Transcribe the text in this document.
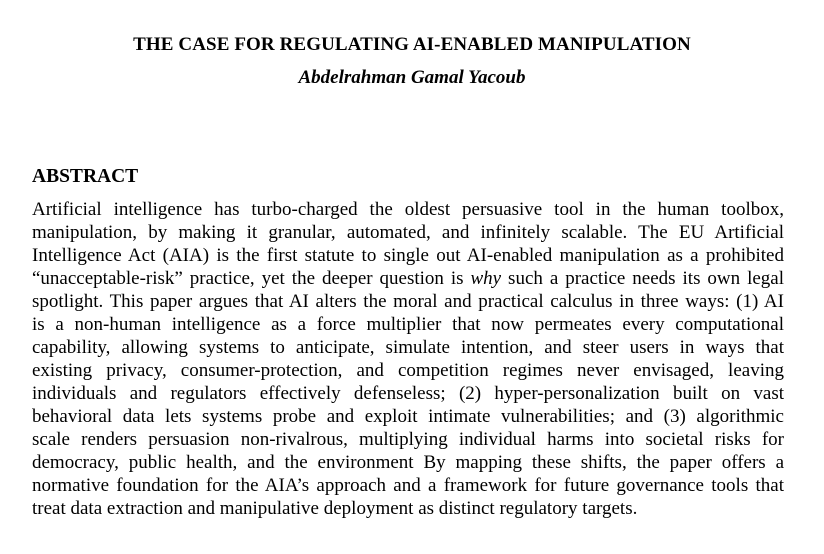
THE CASE FOR REGULATING AI-ENABLED MANIPULATION

Abdelrahman Gamal Yacoub

ABSTRACT
Artificial intelligence has turbo-charged the oldest persuasive tool in the human toolbox,
manipulation, by making it granular, automated, and infinitely scalable. The EU Artificial
Intelligence Act (AIA) is the first statute to single out AI-enabled manipulation as a prohibited
“unacceptable-risk” practice, yet the deeper question is why such a practice needs its own legal
spotlight. This paper argues that AI alters the moral and practical calculus in three ways: (1) AI
is a non-human intelligence as a force multiplier that now permeates every computational
capability, allowing systems to anticipate, simulate intention, and steer users in ways that
existing privacy, consumer-protection, and competition regimes never envisaged, leaving
individuals and regulators effectively defenseless; (2) hyper-personalization built on vast
behavioral data lets systems probe and exploit intimate vulnerabilities; and (3) algorithmic
scale renders persuasion non-rivalrous, multiplying individual harms into societal risks for
democracy, public health, and the environment By mapping these shifts, the paper offers a
normative foundation for the AIA’s approach and a framework for future governance tools that
treat data extraction and manipulative deployment as distinct regulatory targets.
